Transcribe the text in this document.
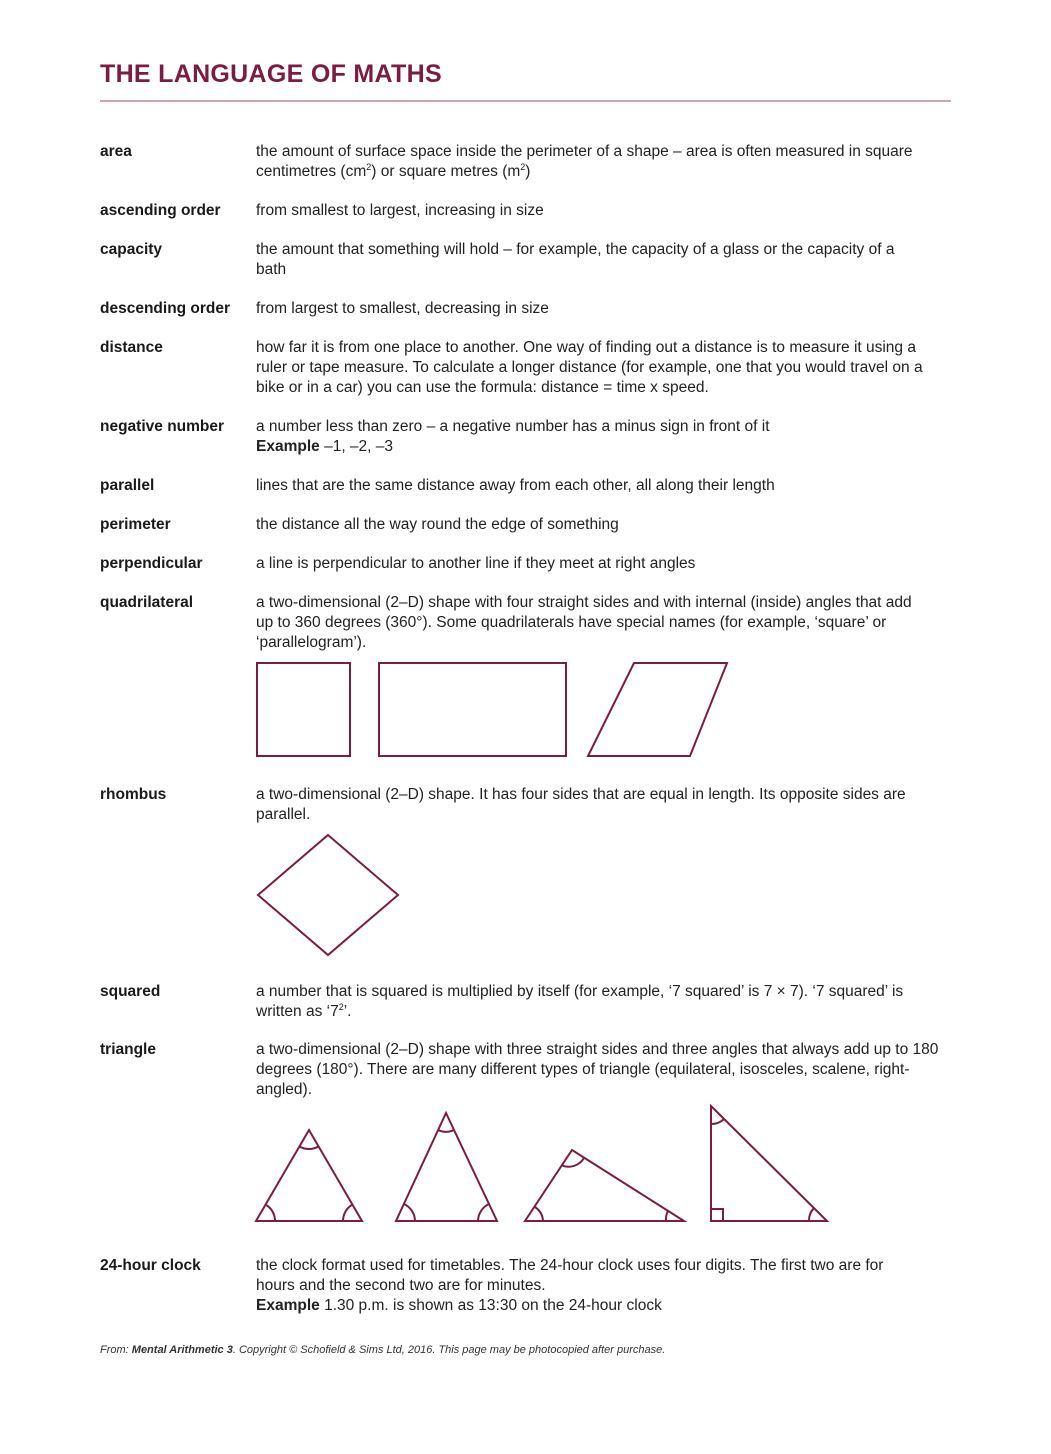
THE LANGUAGE OF MATHS
area	the amount of surface space inside the perimeter of a shape – area is often measured in square centimetres $(cm^2)$ or square metres $(m^2)$
ascending order	from smallest to largest, increasing in size
capacity	the amount that something will hold – for example, the capacity of a glass or the capacity of a bath
descending order	from largest to smallest, decreasing in size
distance	how far it is from one place to another. One way of finding out a distance is to measure it using a ruler or tape measure. To calculate a longer distance (for example, one that you would travel on a bike or in a car) you can use the formula: distance = time x speed.
negative number	a number less than zero – a negative number has a minus sign in front of it

Example –1, –2, –3

parallel	lines that are the same distance away from each other, all along their length
perimeter	the distance all the way round the edge of something
perpendicular	a line is perpendicular to another line if they meet at right angles
quadrilateral	a two-dimensional (2–D) shape with four straight sides and with internal (inside) angles that add up to 360 degrees (360°). Some quadrilaterals have special names (for example, ‘square’ or ‘parallelogram’).
rhombus	a two-dimensional (2–D) shape. It has four sides that are equal in length. Its opposite sides are parallel.
squared	a number that is squared is multiplied by itself (for example, ‘7 squared’ is 7 × 7). ‘7 squared’ is written as ‘$7^2$’.
triangle	a two-dimensional (2–D) shape with three straight sides and three angles that always add up to 180 degrees (180°). There are many different types of triangle (equilateral, isosceles, scalene, right-angled).
24-hour clock	the clock format used for timetables. The 24-hour clock uses four digits. The first two are for hours and the second two are for minutes.

Example 1.30 p.m. is shown as 13:30 on the 24-hour clock

From: Mental Arithmetic 3. Copyright © Schofield & Sims Ltd, 2016. This page may be photocopied after purchase.
